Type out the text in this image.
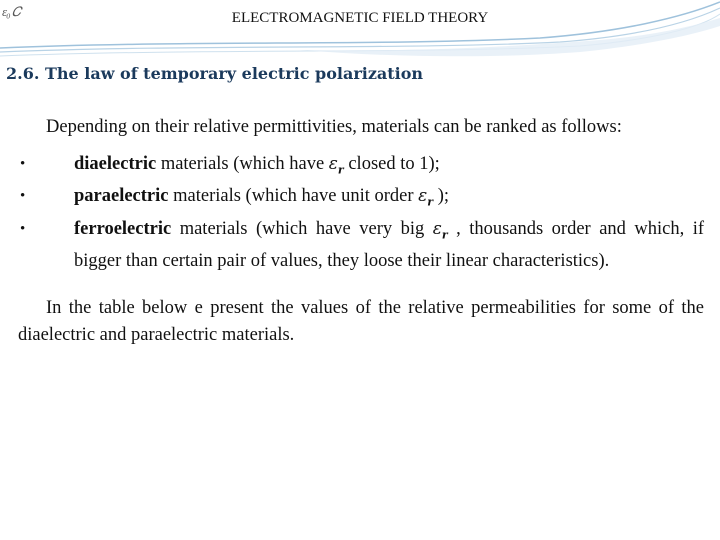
ε₀ 𝐶	ELECTROMAGNETIC FIELD THEORY
2.6. The law of temporary electric polarization

Depending on their relative permittivities, materials can be ranked as follows:

•	diaelectric materials (which have $\varepsilon_r$ closed to 1);
•	paraelectric materials (which have unit order $\varepsilon_r$ );
•	ferroelectric materials (which have very big $\varepsilon_r$ , thousands order and which, if bigger than certain pair of values, they loose their linear characteristics).

In the table below e present the values of the relative permeabilities for some of the diaelectric and paraelectric materials.
